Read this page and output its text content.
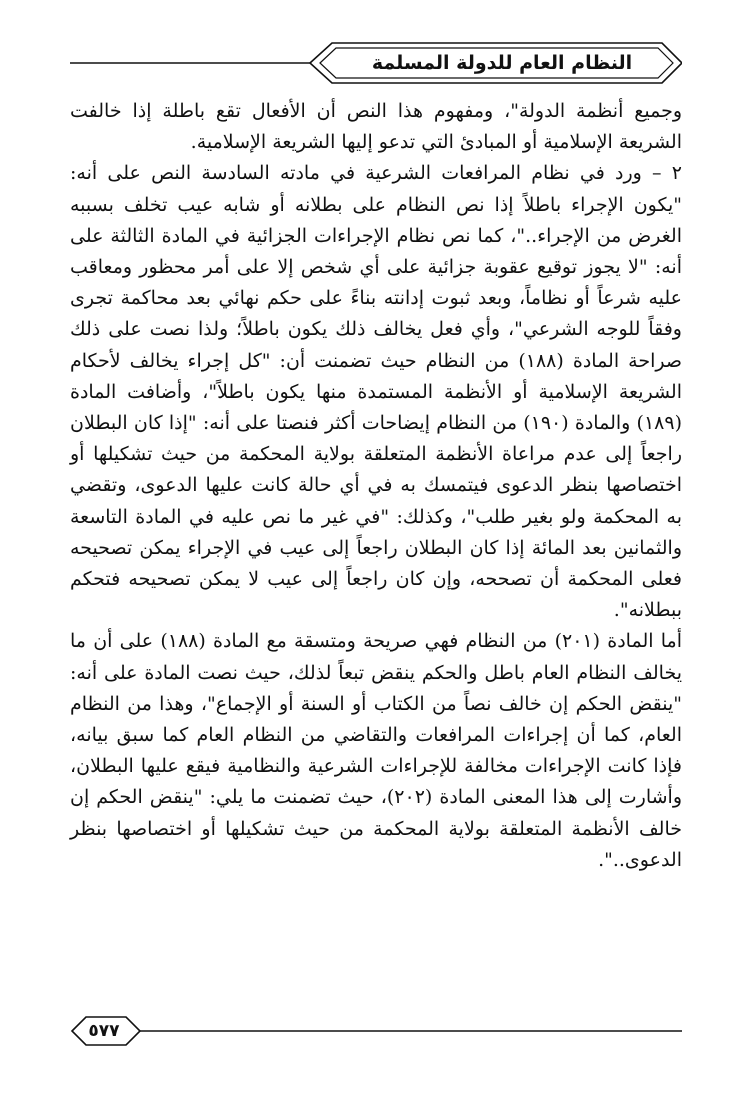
النظام العام للدولة المسلمة

وجميع أنظمة الدولة"، ومفهوم هذا النص أن الأفعال تقع باطلة إذا خالفت الشريعة الإسلامية أو المبادئ التي تدعو إليها الشريعة الإسلامية.

٢ – ورد في نظام المرافعات الشرعية في مادته السادسة النص على أنه: "يكون الإجراء باطلاً إذا نص النظام على بطلانه أو شابه عيب تخلف بسببه الغرض من الإجراء.."، كما نص نظام الإجراءات الجزائية في المادة الثالثة على أنه: "لا يجوز توقيع عقوبة جزائية على أي شخص إلا على أمر محظور ومعاقب عليه شرعاً أو نظاماً، وبعد ثبوت إدانته بناءً على حكم نهائي بعد محاكمة تجرى وفقاً للوجه الشرعي"، وأي فعل يخالف ذلك يكون باطلاً؛ ولذا نصت على ذلك صراحة المادة (١٨٨) من النظام حيث تضمنت أن: "كل إجراء يخالف لأحكام الشريعة الإسلامية أو الأنظمة المستمدة منها يكون باطلاً"، وأضافت المادة (١٨٩) والمادة (١٩٠) من النظام إيضاحات أكثر فنصتا على أنه: "إذا كان البطلان راجعاً إلى عدم مراعاة الأنظمة المتعلقة بولاية المحكمة من حيث تشكيلها أو اختصاصها بنظر الدعوى فيتمسك به في أي حالة كانت عليها الدعوى، وتقضي به المحكمة ولو بغير طلب"، وكذلك: "في غير ما نص عليه في المادة التاسعة والثمانين بعد المائة إذا كان البطلان راجعاً إلى عيب في الإجراء يمكن تصحيحه فعلى المحكمة أن تصححه، وإن كان راجعاً إلى عيب لا يمكن تصحيحه فتحكم ببطلانه".

أما المادة (٢٠١) من النظام فهي صريحة ومتسقة مع المادة (١٨٨) على أن ما يخالف النظام العام باطل والحكم ينقض تبعاً لذلك، حيث نصت المادة على أنه: "ينقض الحكم إن خالف نصاً من الكتاب أو السنة أو الإجماع"، وهذا من النظام العام، كما أن إجراءات المرافعات والتقاضي من النظام العام كما سبق بيانه، فإذا كانت الإجراءات مخالفة للإجراءات الشرعية والنظامية فيقع عليها البطلان، وأشارت إلى هذا المعنى المادة (٢٠٢)، حيث تضمنت ما يلي: "ينقض الحكم إن خالف الأنظمة المتعلقة بولاية المحكمة من حيث تشكيلها أو اختصاصها بنظر الدعوى..".

٥٧٧
